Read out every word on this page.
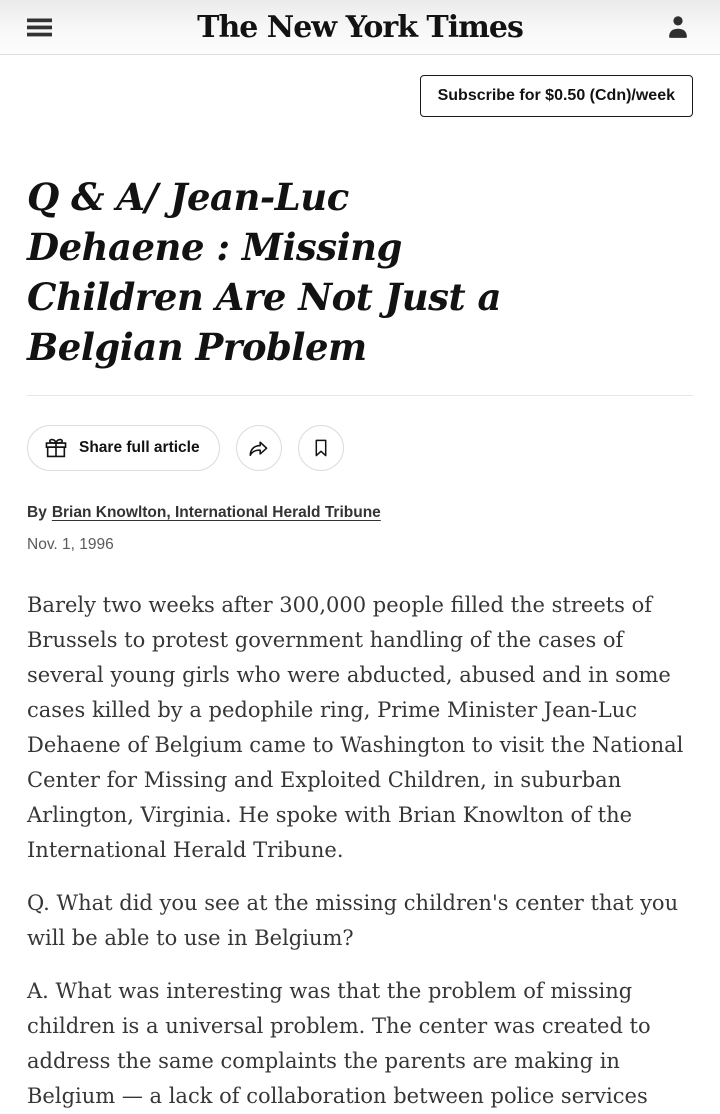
The New York Times
Subscribe for $0.50 (Cdn)/week
Q & A/ Jean-Luc Dehaene : Missing Children Are Not Just a Belgian Problem
Share full article
By Brian Knowlton, International Herald Tribune
Nov. 1, 1996

Barely two weeks after 300,000 people filled the streets of Brussels to protest government handling of the cases of several young girls who were abducted, abused and in some cases killed by a pedophile ring, Prime Minister Jean-Luc Dehaene of Belgium came to Washington to visit the National Center for Missing and Exploited Children, in suburban Arlington, Virginia. He spoke with Brian Knowlton of the International Herald Tribune.

Q. What did you see at the missing children's center that you will be able to use in Belgium?

A. What was interesting was that the problem of missing children is a universal problem. The center was created to address the same complaints the parents are making in Belgium — a lack of collaboration between police services
